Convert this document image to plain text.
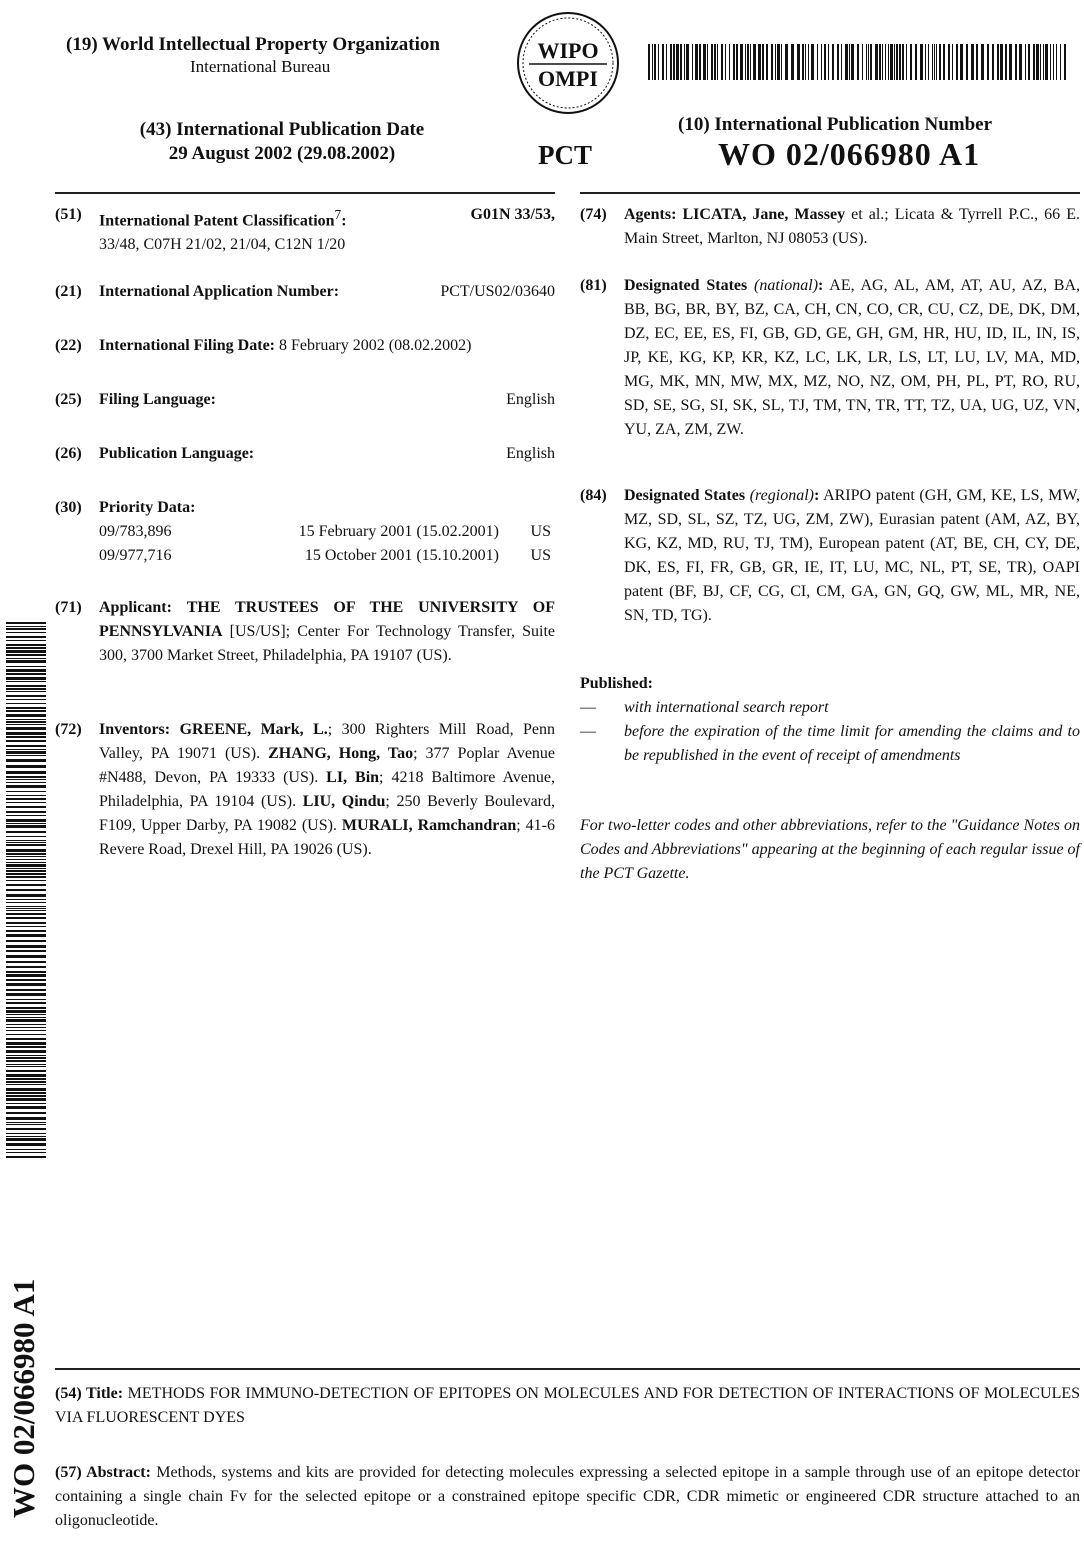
(19) World Intellectual Property Organization
International Bureau
WIPO
OMPI
(43) International Publication Date
29 August 2002 (29.08.2002)	PCT
(10) International Publication Number
WO 02/066980 A1
(51)	International Patent Classification7:	G01N 33/53,
33/48, C07H 21/02, 21/04, C12N 1/20
(21)	International Application Number:	PCT/US02/03640
(22)	International Filing Date: 8 February 2002 (08.02.2002)
(25)	Filing Language:	English
(26)	Publication Language:	English
(30)	Priority Data:
09/783,896	15 February 2001 (15.02.2001)	US
09/977,716	15 October 2001 (15.10.2001)	US
(71)	Applicant: THE TRUSTEES OF THE UNIVERSITY OF PENNSYLVANIA [US/US]; Center For Technology Transfer, Suite 300, 3700 Market Street, Philadelphia, PA 19107 (US).
(72)	Inventors: GREENE, Mark, L.; 300 Righters Mill Road, Penn Valley, PA 19071 (US). ZHANG, Hong, Tao; 377 Poplar Avenue #N488, Devon, PA 19333 (US). LI, Bin; 4218 Baltimore Avenue, Philadelphia, PA 19104 (US). LIU, Qindu; 250 Beverly Boulevard, F109, Upper Darby, PA 19082 (US). MURALI, Ramchandran; 41-6 Revere Road, Drexel Hill, PA 19026 (US).
(74)	Agents: LICATA, Jane, Massey et al.; Licata & Tyrrell P.C., 66 E. Main Street, Marlton, NJ 08053 (US).
(81)	Designated States (national): AE, AG, AL, AM, AT, AU, AZ, BA, BB, BG, BR, BY, BZ, CA, CH, CN, CO, CR, CU, CZ, DE, DK, DM, DZ, EC, EE, ES, FI, GB, GD, GE, GH, GM, HR, HU, ID, IL, IN, IS, JP, KE, KG, KP, KR, KZ, LC, LK, LR, LS, LT, LU, LV, MA, MD, MG, MK, MN, MW, MX, MZ, NO, NZ, OM, PH, PL, PT, RO, RU, SD, SE, SG, SI, SK, SL, TJ, TM, TN, TR, TT, TZ, UA, UG, UZ, VN, YU, ZA, ZM, ZW.
(84)	Designated States (regional): ARIPO patent (GH, GM, KE, LS, MW, MZ, SD, SL, SZ, TZ, UG, ZM, ZW), Eurasian patent (AM, AZ, BY, KG, KZ, MD, RU, TJ, TM), European patent (AT, BE, CH, CY, DE, DK, ES, FI, FR, GB, GR, IE, IT, LU, MC, NL, PT, SE, TR), OAPI patent (BF, BJ, CF, CG, CI, CM, GA, GN, GQ, GW, ML, MR, NE, SN, TD, TG).
Published:
—	with international search report
—	before the expiration of the time limit for amending the claims and to be republished in the event of receipt of amendments
For two-letter codes and other abbreviations, refer to the "Guidance Notes on Codes and Abbreviations" appearing at the beginning of each regular issue of the PCT Gazette.
WO 02/066980 A1 (54) Title: METHODS FOR IMMUNO-DETECTION OF EPITOPES ON MOLECULES AND FOR DETECTION OF INTERACTIONS OF MOLECULES VIA FLUORESCENT DYES
(57) Abstract: Methods, systems and kits are provided for detecting molecules expressing a selected epitope in a sample through use of an epitope detector containing a single chain Fv for the selected epitope or a constrained epitope specific CDR, CDR mimetic or engineered CDR structure attached to an oligonucleotide.
